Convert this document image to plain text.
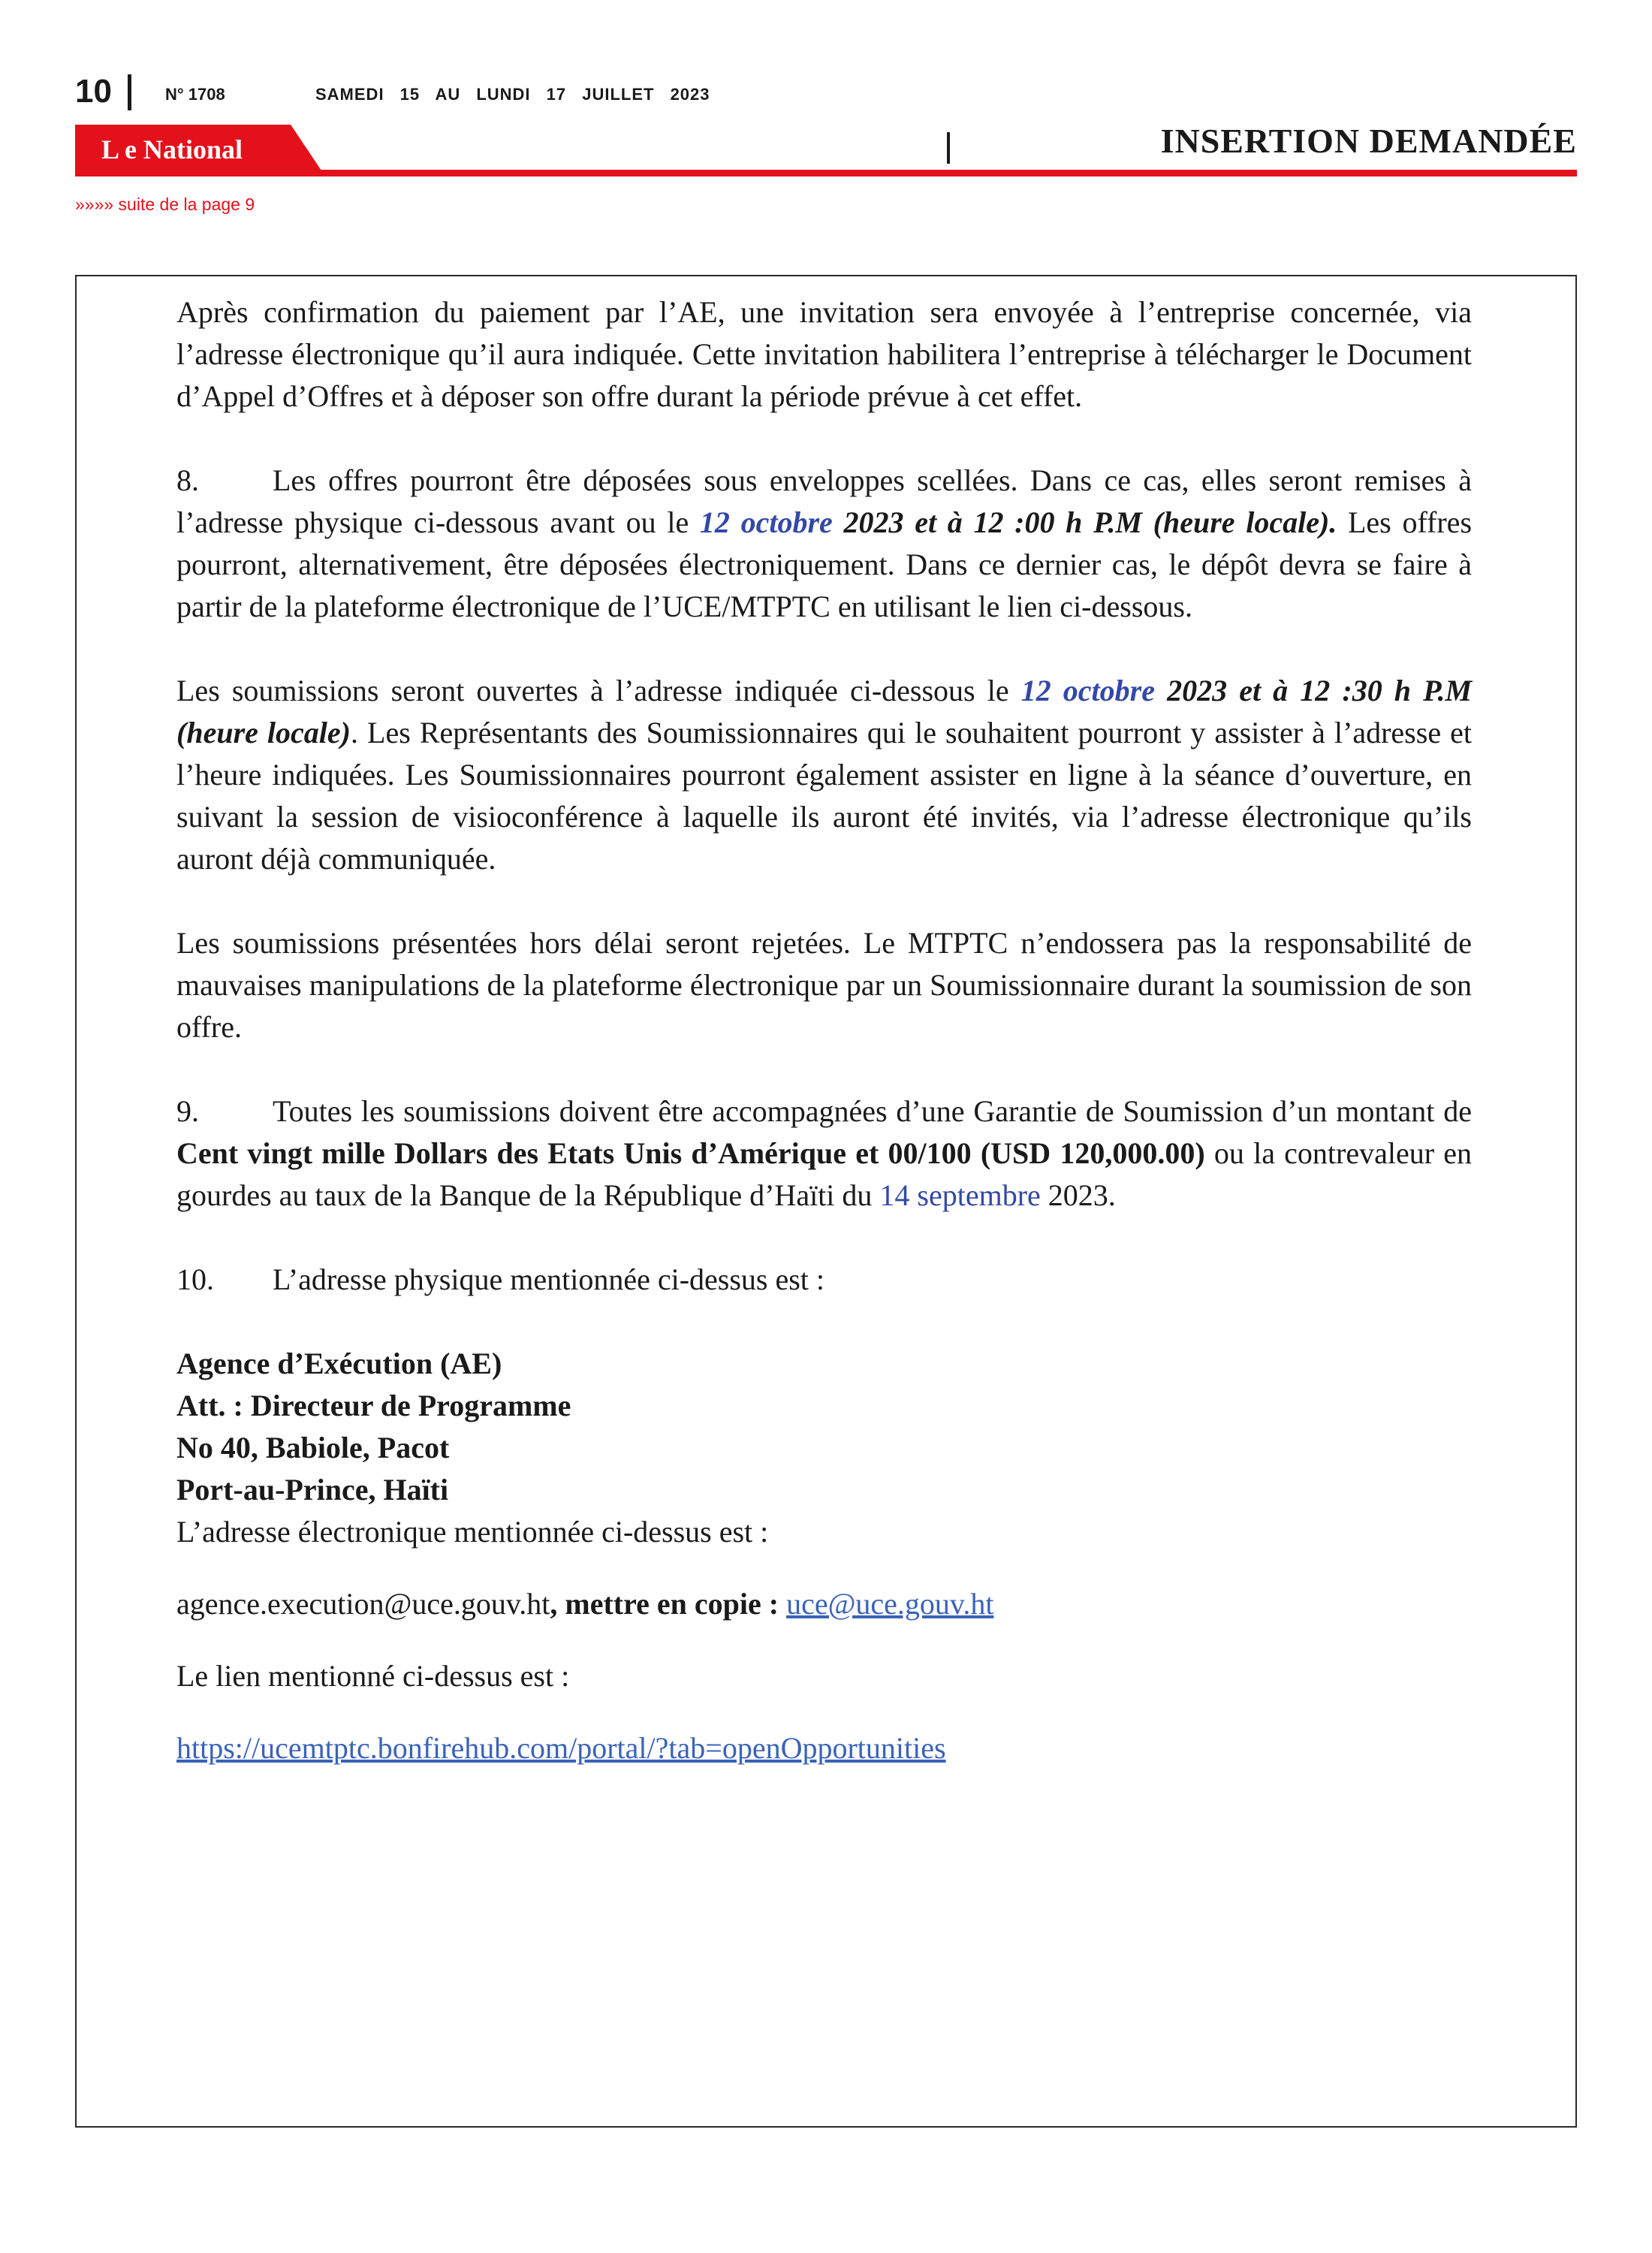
10	N° 1708	SAMEDI 15 AU LUNDI 17 JUILLET 2023
L e National	INSERTION DEMANDÉE
»»»» suite de la page 9

Après confirmation du paiement par l’AE, une invitation sera envoyée à l’entreprise concernée, via l’adresse électronique qu’il aura indiquée. Cette invitation habilitera l’entreprise à télécharger le Document d’Appel d’Offres et à déposer son offre durant la période prévue à cet effet.

8. Les offres pourront être déposées sous enveloppes scellées. Dans ce cas, elles seront remises à l’adresse physique ci-dessous avant ou le 12 octobre 2023 et à 12 :00 h P.M (heure locale). Les offres pourront, alternativement, être déposées électroniquement. Dans ce dernier cas, le dépôt devra se faire à partir de la plateforme électronique de l’UCE/MTPTC en utilisant le lien ci-dessous.

Les soumissions seront ouvertes à l’adresse indiquée ci-dessous le 12 octobre 2023 et à 12 :30 h P.M (heure locale). Les Représentants des Soumissionnaires qui le souhaitent pourront y assister à l’adresse et l’heure indiquées. Les Soumissionnaires pourront également assister en ligne à la séance d’ouverture, en suivant la session de visioconférence à laquelle ils auront été invités, via l’adresse électronique qu’ils auront déjà communiquée.

Les soumissions présentées hors délai seront rejetées. Le MTPTC n’endossera pas la responsabilité de mauvaises manipulations de la plateforme électronique par un Soumissionnaire durant la soumission de son offre.

9. Toutes les soumissions doivent être accompagnées d’une Garantie de Soumission d’un montant de Cent vingt mille Dollars des Etats Unis d’Amérique et 00/100 (USD 120,000.00) ou la contrevaleur en gourdes au taux de la Banque de la République d’Haïti du 14 septembre 2023.

10. L’adresse physique mentionnée ci-dessus est :

Agence d’Exécution (AE)

Att. : Directeur de Programme

No 40, Babiole, Pacot

Port-au-Prince, Haïti

L’adresse électronique mentionnée ci-dessus est :

agence.execution@uce.gouv.ht, mettre en copie : uce@uce.gouv.ht

Le lien mentionné ci-dessus est :

https://ucemtptc.bonfirehub.com/portal/?tab=openOpportunities
